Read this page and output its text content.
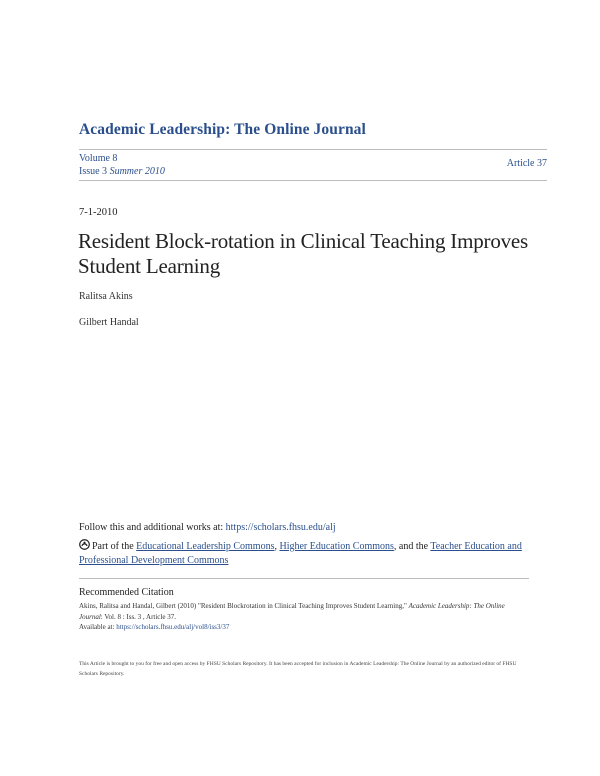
Academic Leadership: The Online Journal
Volume 8
Issue 3 Summer 2010
Article 37
7-1-2010
Resident Block-rotation in Clinical Teaching Improves Student Learning
Ralitsa Akins
Gilbert Handal
Follow this and additional works at: https://scholars.fhsu.edu/alj
Part of the Educational Leadership Commons, Higher Education Commons, and the Teacher Education and Professional Development Commons
Recommended Citation
Akins, Ralitsa and Handal, Gilbert (2010) "Resident Blockrotation in Clinical Teaching Improves Student Learning," Academic Leadership: The Online Journal: Vol. 8 : Iss. 3 , Article 37.
Available at: https://scholars.fhsu.edu/alj/vol8/iss3/37
This Article is brought to you for free and open access by FHSU Scholars Repository. It has been accepted for inclusion in Academic Leadership: The Online Journal by an authorized editor of FHSU Scholars Repository.
